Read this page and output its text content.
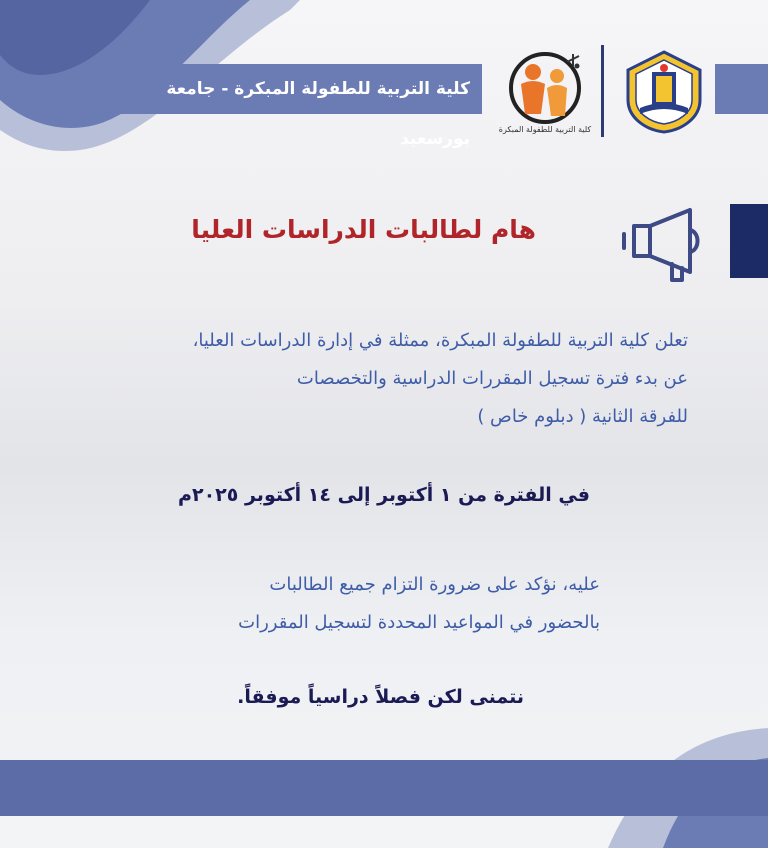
كلية التربية للطفولة المبكرة - جامعة بورسعيد	كلية التربية للطفولة المبكرة
هام لطالبات الدراسات العليا
تعلن كلية التربية للطفولة المبكرة، ممثلة في إدارة الدراسات العليا،
عن بدء فترة تسجيل المقررات الدراسية والتخصصات
للفرقة الثانية ( دبلوم خاص )
في الفترة من ١ أكتوبر إلى ١٤ أكتوبر ٢٠٢٥م
عليه، نؤكد على ضرورة التزام جميع الطالبات
بالحضور في المواعيد المحددة لتسجيل المقررات
نتمنى لكن فصلاً دراسياً موفقاً.
